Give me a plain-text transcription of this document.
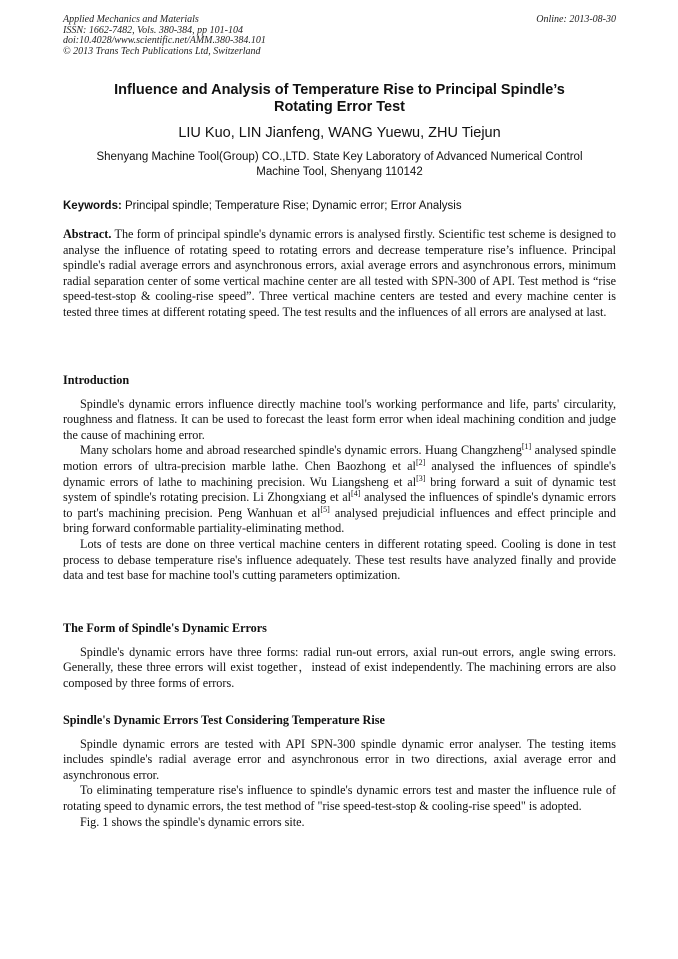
Applied Mechanics and Materials
ISSN: 1662-7482, Vols. 380-384, pp 101-104
doi:10.4028/www.scientific.net/AMM.380-384.101
© 2013 Trans Tech Publications Ltd, Switzerland
Online: 2013-08-30
Influence and Analysis of Temperature Rise to Principal Spindle’s
Rotating Error Test
LIU Kuo, LIN Jianfeng, WANG Yuewu, ZHU Tiejun
Shenyang Machine Tool(Group) CO.,LTD. State Key Laboratory of Advanced Numerical Control
Machine Tool, Shenyang 110142
Keywords: Principal spindle; Temperature Rise; Dynamic error; Error Analysis
Abstract. The form of principal spindle's dynamic errors is analysed firstly. Scientific test scheme is designed to analyse the influence of rotating speed to rotating errors and decrease temperature rise’s influence. Principal spindle's radial average errors and asynchronous errors, axial average errors and asynchronous errors, minimum radial separation center of some vertical machine center are all tested with SPN-300 of API. Test method is “rise speed-test-stop & cooling-rise speed”. Three vertical machine centers are tested and every machine center is tested three times at different rotating speed. The test results and the influences of all errors are analysed at last.
Introduction

Spindle's dynamic errors influence directly machine tool's working performance and life, parts' circularity, roughness and flatness. It can be used to forecast the least form error when ideal machining condition and judge the cause of machining error.

Many scholars home and abroad researched spindle's dynamic errors. Huang Changzheng[1] analysed spindle motion errors of ultra-precision marble lathe. Chen Baozhong et al[2] analysed the influences of spindle's dynamic errors of lathe to machining precision. Wu Liangsheng et al[3] bring forward a suit of dynamic test system of spindle's rotating precision. Li Zhongxiang et al[4] analysed the influences of spindle's dynamic errors to part's machining precision. Peng Wanhuan et al[5] analysed prejudicial influences and effect principle and bring forward conformable partiality-eliminating method.

Lots of tests are done on three vertical machine centers in different rotating speed. Cooling is done in test process to debase temperature rise's influence adequately. These test results have analyzed finally and provide data and test base for machine tool's cutting parameters optimization.

The Form of Spindle's Dynamic Errors

Spindle's dynamic errors have three forms: radial run-out errors, axial run-out errors, angle swing errors. Generally, these three errors will exist together，instead of exist independently. The machining errors are also composed by three forms of errors.

Spindle's Dynamic Errors Test Considering Temperature Rise

Spindle dynamic errors are tested with API SPN-300 spindle dynamic error analyser. The testing items includes spindle's radial average error and asynchronous error in two directions, axial average error and asynchronous error.

To eliminating temperature rise's influence to spindle's dynamic errors test and master the influence rule of rotating speed to dynamic errors, the test method of "rise speed-test-stop & cooling-rise speed" is adopted.

Fig. 1 shows the spindle's dynamic errors site.
